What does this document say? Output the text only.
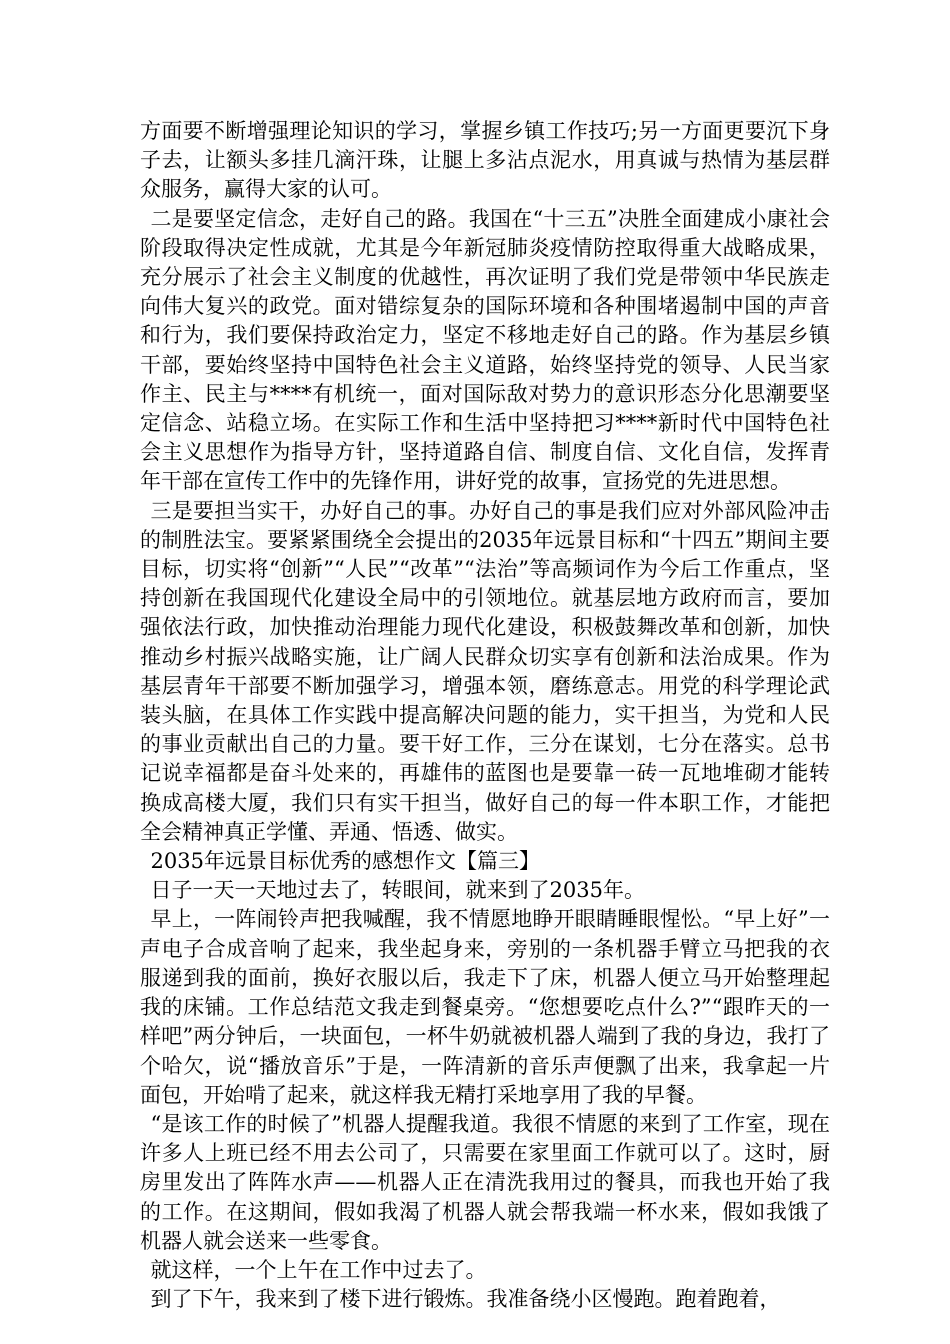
方面要不断增强理论知识的学习，掌握乡镇工作技巧;另一方面更要沉下身子去，让额头多挂几滴汗珠，让腿上多沾点泥水，用真诚与热情为基层群众服务，赢得大家的认可。

二是要坚定信念，走好自己的路。我国在“十三五”决胜全面建成小康社会阶段取得决定性成就，尤其是今年新冠肺炎疫情防控取得重大战略成果，充分展示了社会主义制度的优越性，再次证明了我们党是带领中华民族走向伟大复兴的政党。面对错综复杂的国际环境和各种围堵遏制中国的声音和行为，我们要保持政治定力，坚定不移地走好自己的路。作为基层乡镇干部，要始终坚持中国特色社会主义道路，始终坚持党的领导、人民当家作主、民主与****有机统一，面对国际敌对势力的意识形态分化思潮要坚定信念、站稳立场。在实际工作和生活中坚持把习****新时代中国特色社会主义思想作为指导方针，坚持道路自信、制度自信、文化自信，发挥青年干部在宣传工作中的先锋作用，讲好党的故事，宣扬党的先进思想。

三是要担当实干，办好自己的事。办好自己的事是我们应对外部风险冲击的制胜法宝。要紧紧围绕全会提出的2035年远景目标和“十四五”期间主要目标，切实将“创新”“人民”“改革”“法治”等高频词作为今后工作重点，坚持创新在我国现代化建设全局中的引领地位。就基层地方政府而言，要加强依法行政，加快推动治理能力现代化建设，积极鼓舞改革和创新，加快推动乡村振兴战略实施，让广阔人民群众切实享有创新和法治成果。作为基层青年干部要不断加强学习，增强本领，磨练意志。用党的科学理论武装头脑，在具体工作实践中提高解决问题的能力，实干担当，为党和人民的事业贡献出自己的力量。要干好工作，三分在谋划，七分在落实。总书记说幸福都是奋斗处来的，再雄伟的蓝图也是要靠一砖一瓦地堆砌才能转换成高楼大厦，我们只有实干担当，做好自己的每一件本职工作，才能把全会精神真正学懂、弄通、悟透、做实。

2035年远景目标优秀的感想作文【篇三】

日子一天一天地过去了，转眼间，就来到了2035年。

早上，一阵闹铃声把我喊醒，我不情愿地睁开眼睛睡眼惺忪。“早上好”一声电子合成音响了起来，我坐起身来，旁别的一条机器手臂立马把我的衣服递到我的面前，换好衣服以后，我走下了床，机器人便立马开始整理起我的床铺。工作总结范文我走到餐桌旁。“您想要吃点什么?”“跟昨天的一样吧”两分钟后，一块面包，一杯牛奶就被机器人端到了我的身边，我打了个哈欠，说“播放音乐”于是，一阵清新的音乐声便飘了出来，我拿起一片面包，开始啃了起来，就这样我无精打采地享用了我的早餐。

“是该工作的时候了”机器人提醒我道。我很不情愿的来到了工作室，现在许多人上班已经不用去公司了，只需要在家里面工作就可以了。这时，厨房里发出了阵阵水声——机器人正在清洗我用过的餐具，而我也开始了我的工作。在这期间，假如我渴了机器人就会帮我端一杯水来，假如我饿了机器人就会送来一些零食。

就这样，一个上午在工作中过去了。

到了下午，我来到了楼下进行锻炼。我准备绕小区慢跑。跑着跑着，
